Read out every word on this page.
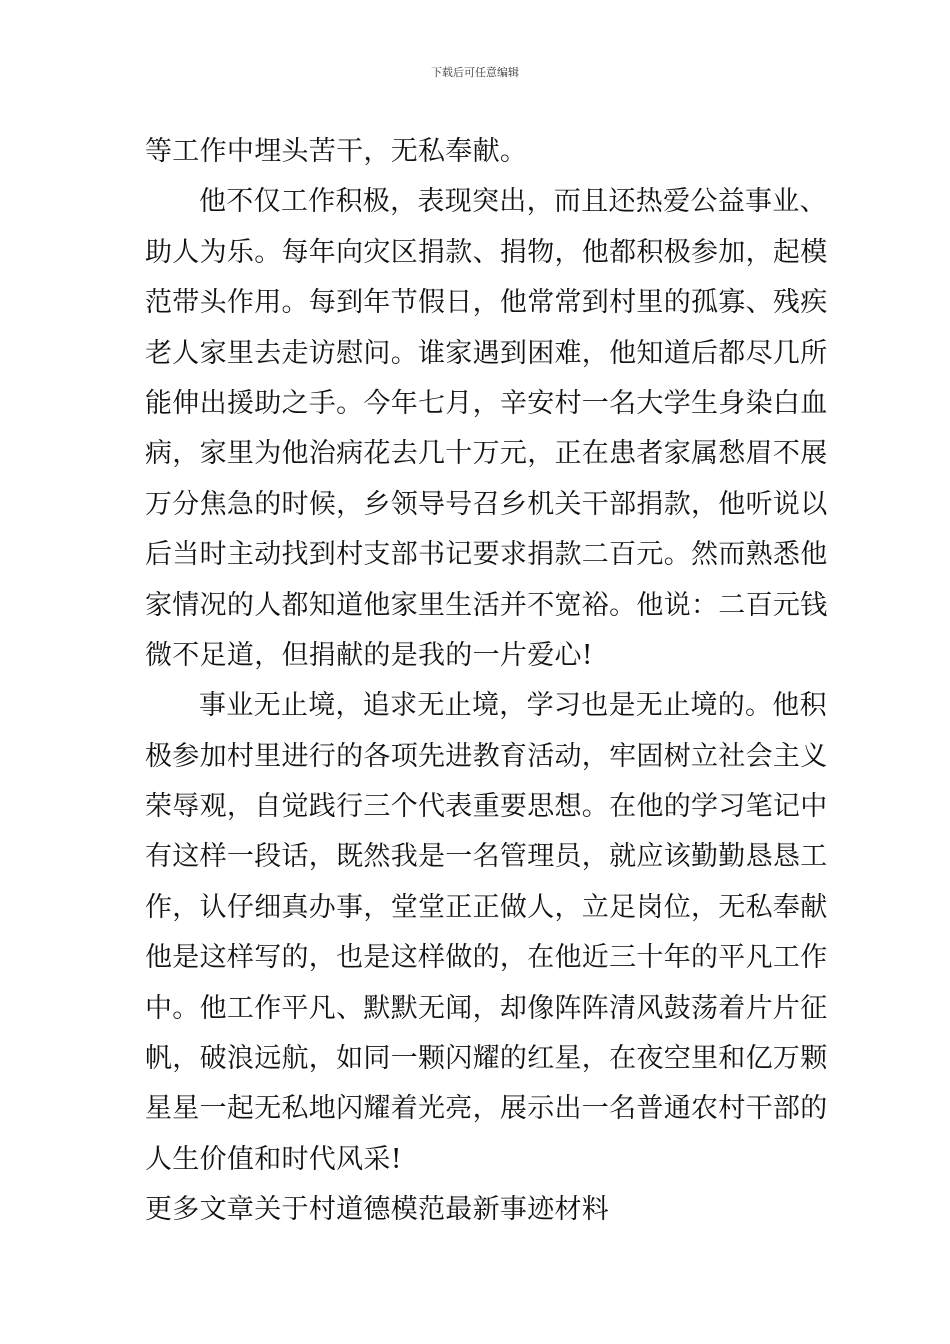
下载后可任意编辑
等工作中埋头苦干，无私奉献。
他不仅工作积极，表现突出，而且还热爱公益事业、
助人为乐。每年向灾区捐款、捐物，他都积极参加，起模
范带头作用。每到年节假日，他常常到村里的孤寡、残疾
老人家里去走访慰问。谁家遇到困难，他知道后都尽几所
能伸出援助之手。今年七月，辛安村一名大学生身染白血
病，家里为他治病花去几十万元，正在患者家属愁眉不展
万分焦急的时候，乡领导号召乡机关干部捐款，他听说以
后当时主动找到村支部书记要求捐款二百元。然而熟悉他
家情况的人都知道他家里生活并不宽裕。他说：二百元钱
微不足道，但捐献的是我的一片爱心!
事业无止境，追求无止境，学习也是无止境的。他积
极参加村里进行的各项先进教育活动，牢固树立社会主义
荣辱观，自觉践行三个代表重要思想。在他的学习笔记中
有这样一段话，既然我是一名管理员，就应该勤勤恳恳工
作，认仔细真办事，堂堂正正做人，立足岗位，无私奉献
他是这样写的，也是这样做的，在他近三十年的平凡工作
中。他工作平凡、默默无闻，却像阵阵清风鼓荡着片片征
帆，破浪远航，如同一颗闪耀的红星，在夜空里和亿万颗
星星一起无私地闪耀着光亮，展示出一名普通农村干部的
人生价值和时代风采!
更多文章关于村道德模范最新事迹材料
